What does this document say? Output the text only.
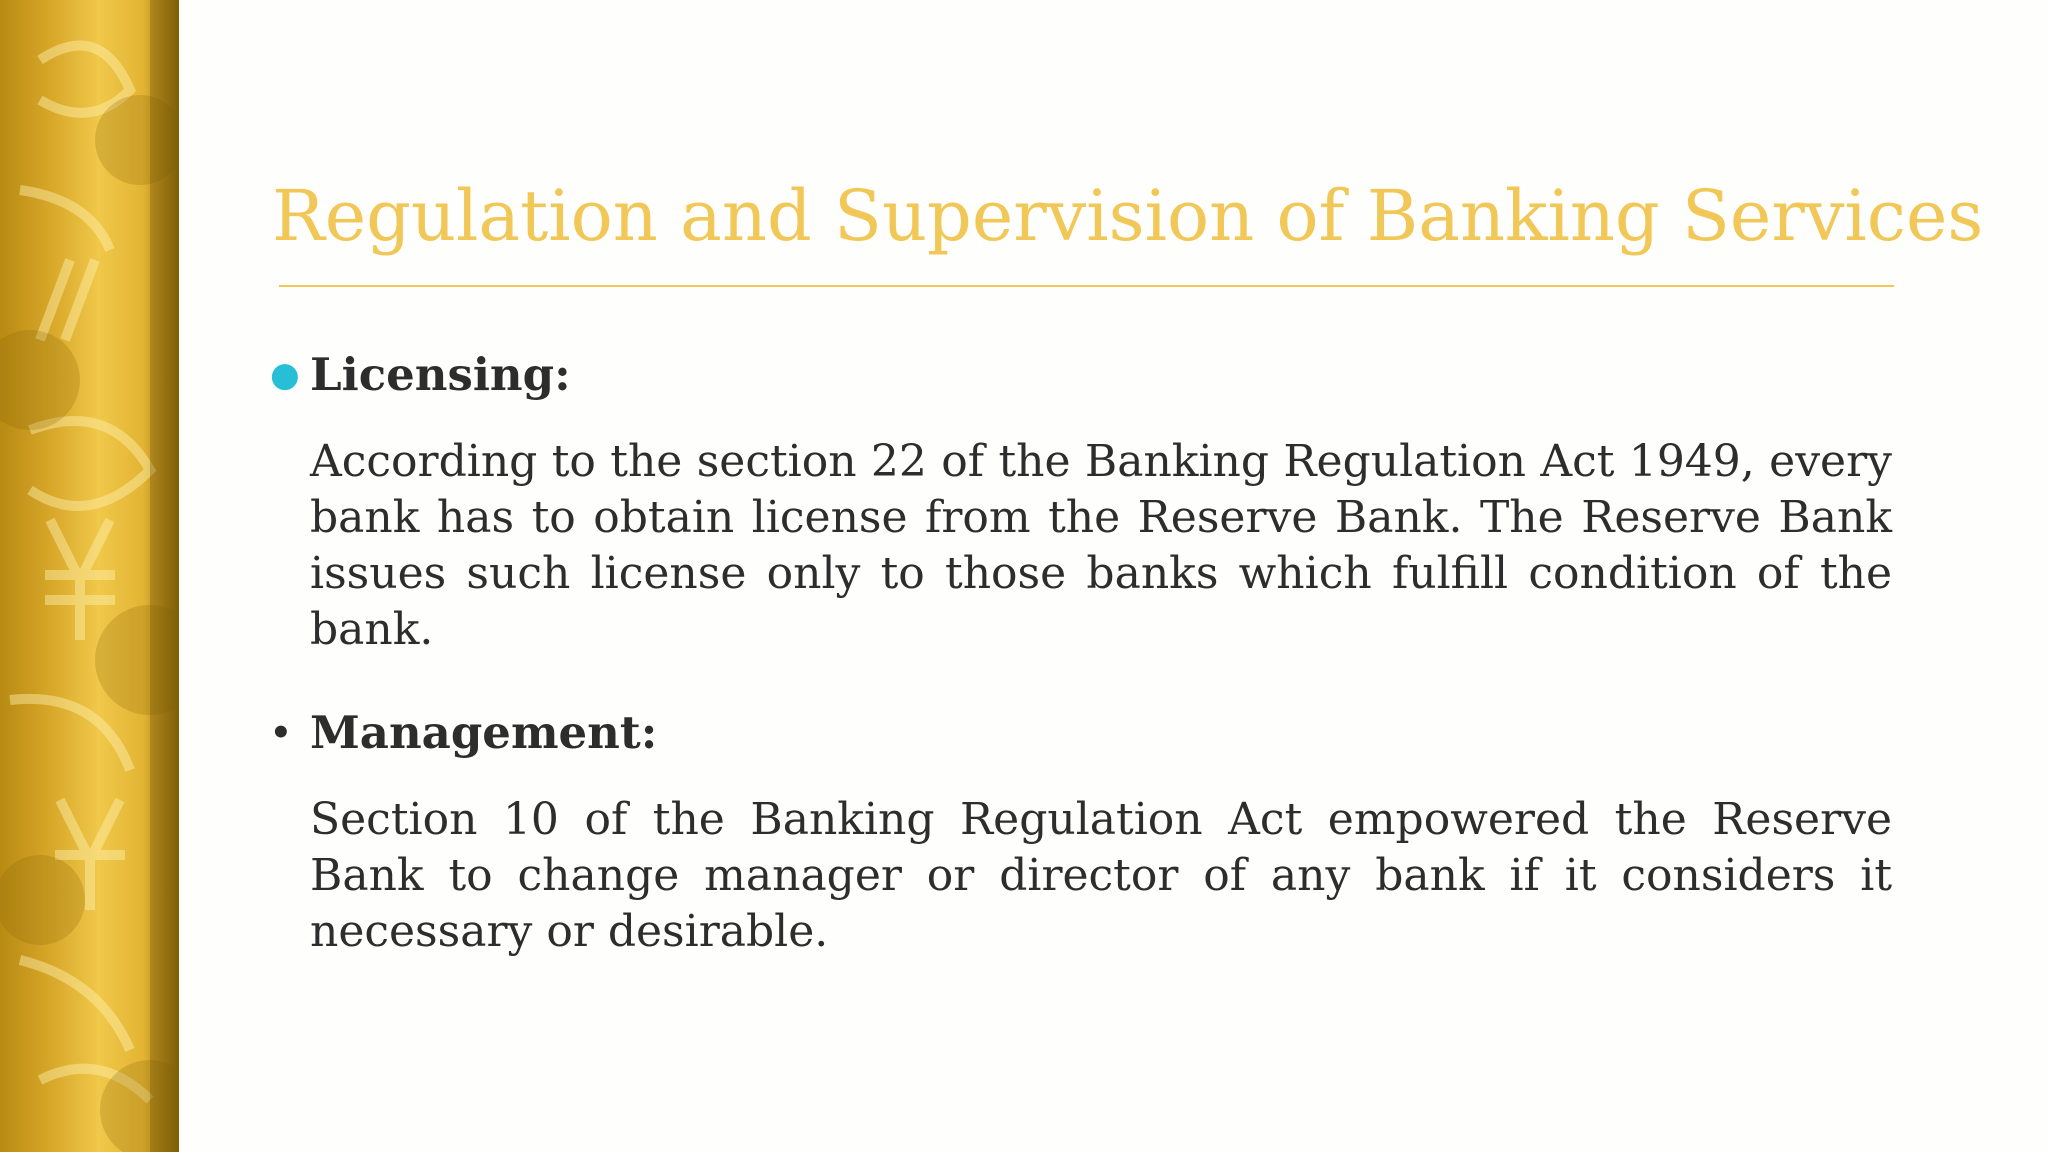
Regulation and Supervision of Banking Services
● Licensing:
According to the section 22 of the Banking Regulation Act 1949, every bank has to obtain license from the Reserve Bank. The Reserve Bank issues such license only to those banks which fulfill condition of the bank.
• Management:
Section 10 of the Banking Regulation Act empowered the Reserve Bank to change manager or director of any bank if it considers it necessary or desirable.
